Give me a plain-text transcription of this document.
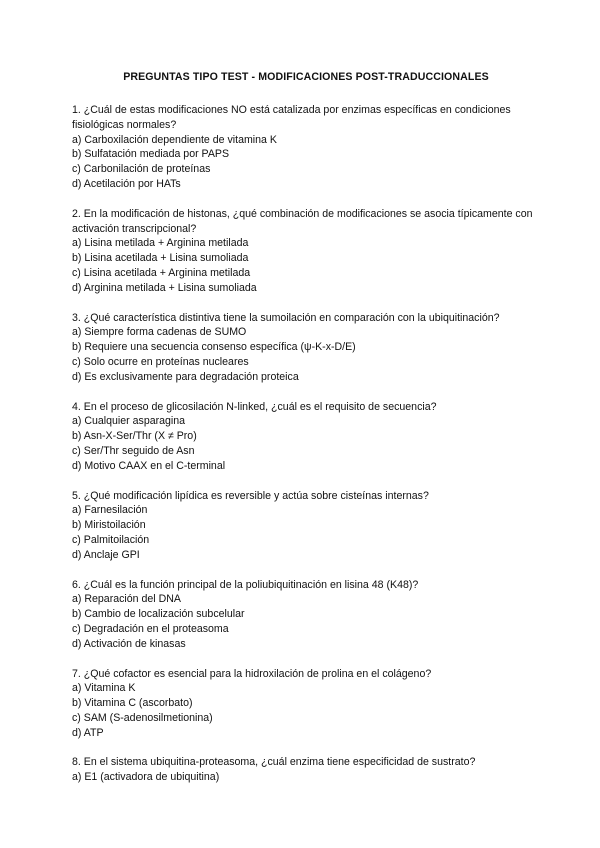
PREGUNTAS TIPO TEST - MODIFICACIONES POST-TRADUCCIONALES

1. ¿Cuál de estas modificaciones NO está catalizada por enzimas específicas en condiciones fisiológicas normales?

a) Carboxilación dependiente de vitamina K

b) Sulfatación mediada por PAPS

c) Carbonilación de proteínas

d) Acetilación por HATs

2. En la modificación de histonas, ¿qué combinación de modificaciones se asocia típicamente con activación transcripcional?

a) Lisina metilada + Arginina metilada

b) Lisina acetilada + Lisina sumoliada

c) Lisina acetilada + Arginina metilada

d) Arginina metilada + Lisina sumoliada

3. ¿Qué característica distintiva tiene la sumoilación en comparación con la ubiquitinación?

a) Siempre forma cadenas de SUMO

b) Requiere una secuencia consenso específica (ψ-K-x-D/E)

c) Solo ocurre en proteínas nucleares

d) Es exclusivamente para degradación proteica

4. En el proceso de glicosilación N-linked, ¿cuál es el requisito de secuencia?

a) Cualquier asparagina

b) Asn-X-Ser/Thr (X ≠ Pro)

c) Ser/Thr seguido de Asn

d) Motivo CAAX en el C-terminal

5. ¿Qué modificación lipídica es reversible y actúa sobre cisteínas internas?

a) Farnesilación

b) Miristoilación

c) Palmitoilación

d) Anclaje GPI

6. ¿Cuál es la función principal de la poliubiquitinación en lisina 48 (K48)?

a) Reparación del DNA

b) Cambio de localización subcelular

c) Degradación en el proteasoma

d) Activación de kinasas

7. ¿Qué cofactor es esencial para la hidroxilación de prolina en el colágeno?

a) Vitamina K

b) Vitamina C (ascorbato)

c) SAM (S-adenosilmetionina)

d) ATP

8. En el sistema ubiquitina-proteasoma, ¿cuál enzima tiene especificidad de sustrato?

a) E1 (activadora de ubiquitina)
